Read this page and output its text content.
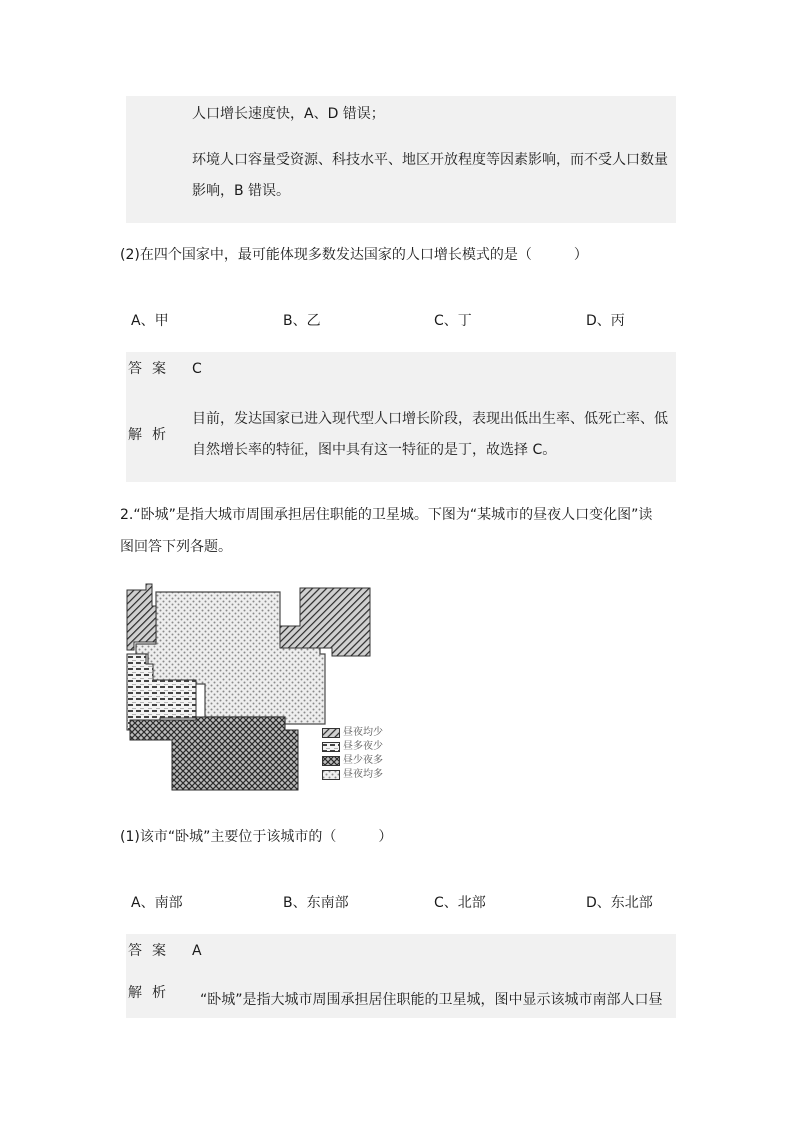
人口增长速度快，A、D 错误；
环境人口容量受资源、科技水平、地区开放程度等因素影响，而不受人口数量
影响，B 错误。
(2)在四个国家中，最可能体现多数发达国家的人口增长模式的是（　　　）
A、甲	B、乙	C、丁	D、丙
答案 C
解析
目前，发达国家已进入现代型人口增长阶段，表现出低出生率、低死亡率、低
自然增长率的特征，图中具有这一特征的是丁，故选择 C。
2.“卧城”是指大城市周围承担居住职能的卫星城。下图为“某城市的昼夜人口变化图”读
图回答下列各题。
昼夜均少
昼多夜少
昼少夜多
昼夜均多
(1)该市“卧城”主要位于该城市的（　　　）
A、南部	B、东南部	C、北部	D、东北部
答案 A
解析 “卧城”是指大城市周围承担居住职能的卫星城，图中显示该城市南部人口昼
